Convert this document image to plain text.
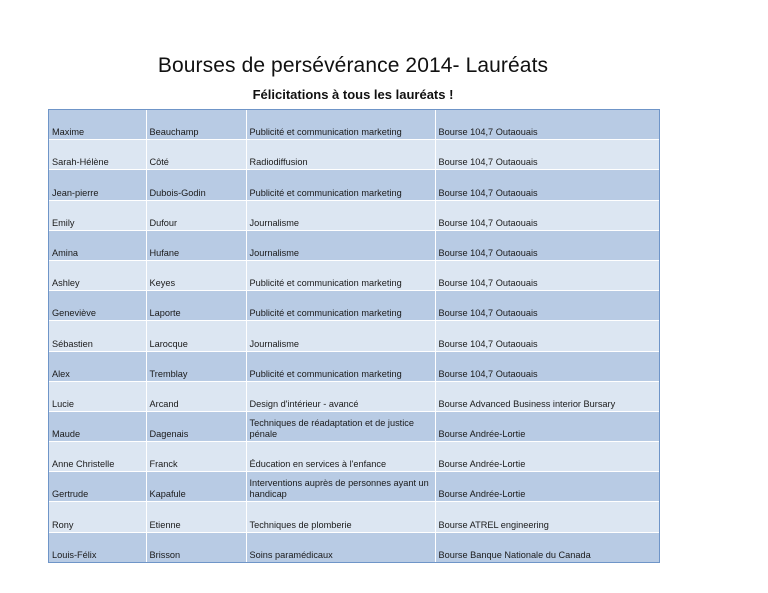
Bourses de persévérance 2014- Lauréats
Félicitations à tous les lauréats !
Maxime	Beauchamp	Publicité et communication marketing	Bourse 104,7 Outaouais
Sarah-Hélène	Côté	Radiodiffusion	Bourse 104,7 Outaouais
Jean-pierre	Dubois-Godin	Publicité et communication marketing	Bourse 104,7 Outaouais
Emily	Dufour	Journalisme	Bourse 104,7 Outaouais
Amina	Hufane	Journalisme	Bourse 104,7 Outaouais
Ashley	Keyes	Publicité et communication marketing	Bourse 104,7 Outaouais
Geneviève	Laporte	Publicité et communication marketing	Bourse 104,7 Outaouais
Sébastien	Larocque	Journalisme	Bourse 104,7 Outaouais
Alex	Tremblay	Publicité et communication marketing	Bourse 104,7 Outaouais
Lucie	Arcand	Design d'intérieur - avancé	Bourse Advanced Business interior Bursary
Maude	Dagenais	Techniques de réadaptation et de justice pénale	Bourse Andrée-Lortie
Anne Christelle	Franck	Éducation en services à l'enfance	Bourse Andrée-Lortie
Gertrude	Kapafule	Interventions auprès de personnes ayant un handicap	Bourse Andrée-Lortie
Rony	Etienne	Techniques de plomberie	Bourse ATREL engineering
Louis-Félix	Brisson	Soins paramédicaux	Bourse Banque Nationale du Canada
